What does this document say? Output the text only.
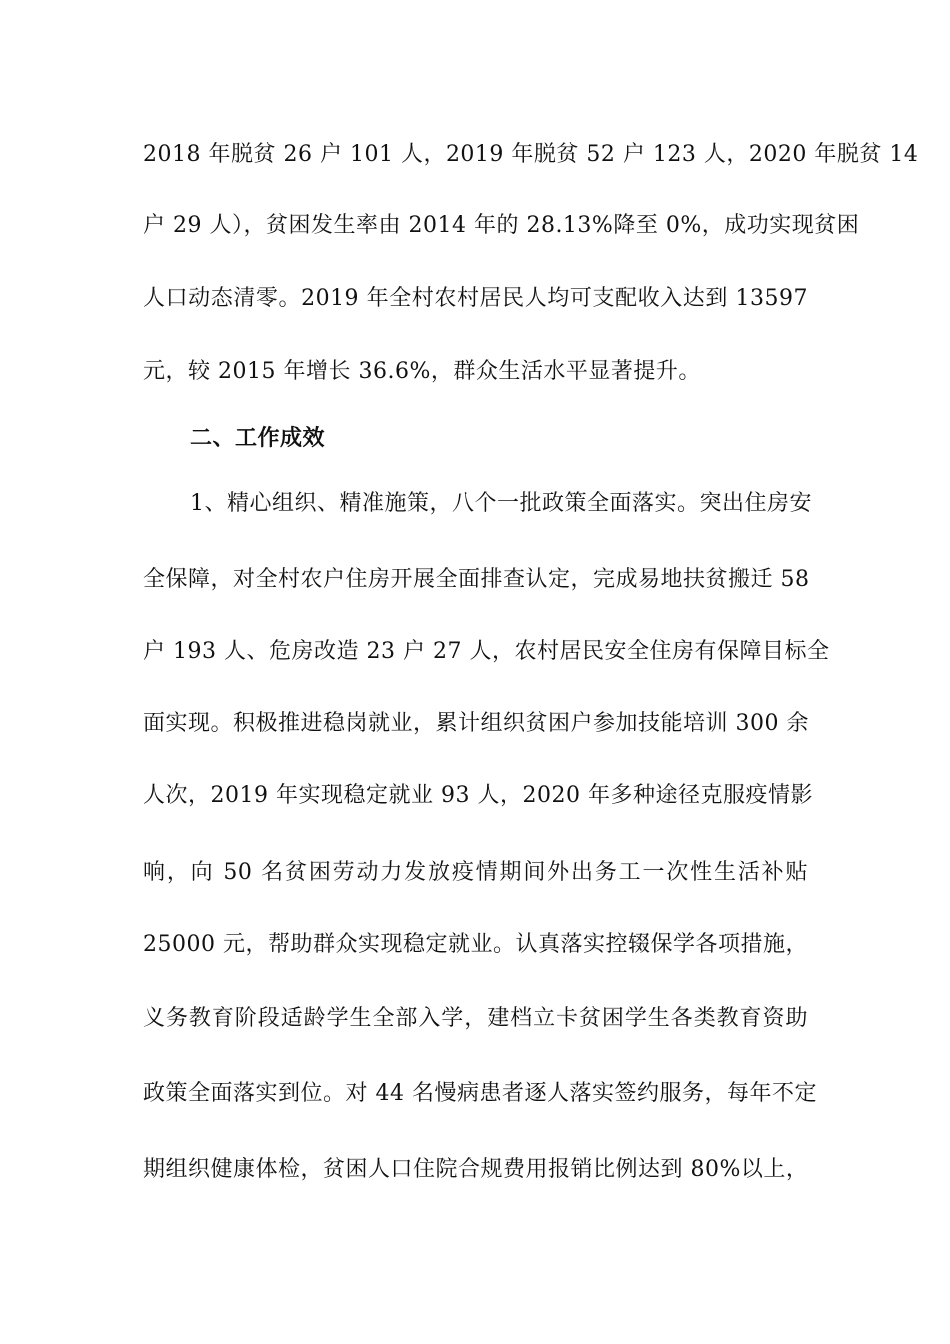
2018 年脱贫 26 户 101 人，2019 年脱贫 52 户 123 人，2020 年脱贫 14
户 29 人），贫困发生率由 2014 年的 28.13%降至 0%，成功实现贫困
人口动态清零。2019 年全村农村居民人均可支配收入达到 13597
元，较 2015 年增长 36.6%，群众生活水平显著提升。
二、工作成效
1、精心组织、精准施策，八个一批政策全面落实。突出住房安
全保障，对全村农户住房开展全面排查认定，完成易地扶贫搬迁 58
户 193 人、危房改造 23 户 27 人，农村居民安全住房有保障目标全
面实现。积极推进稳岗就业，累计组织贫困户参加技能培训 300 余
人次，2019 年实现稳定就业 93 人，2020 年多种途径克服疫情影
响，向 50 名贫困劳动力发放疫情期间外出务工一次性生活补贴
25000 元，帮助群众实现稳定就业。认真落实控辍保学各项措施，
义务教育阶段适龄学生全部入学，建档立卡贫困学生各类教育资助
政策全面落实到位。对 44 名慢病患者逐人落实签约服务，每年不定
期组织健康体检，贫困人口住院合规费用报销比例达到 80%以上，
